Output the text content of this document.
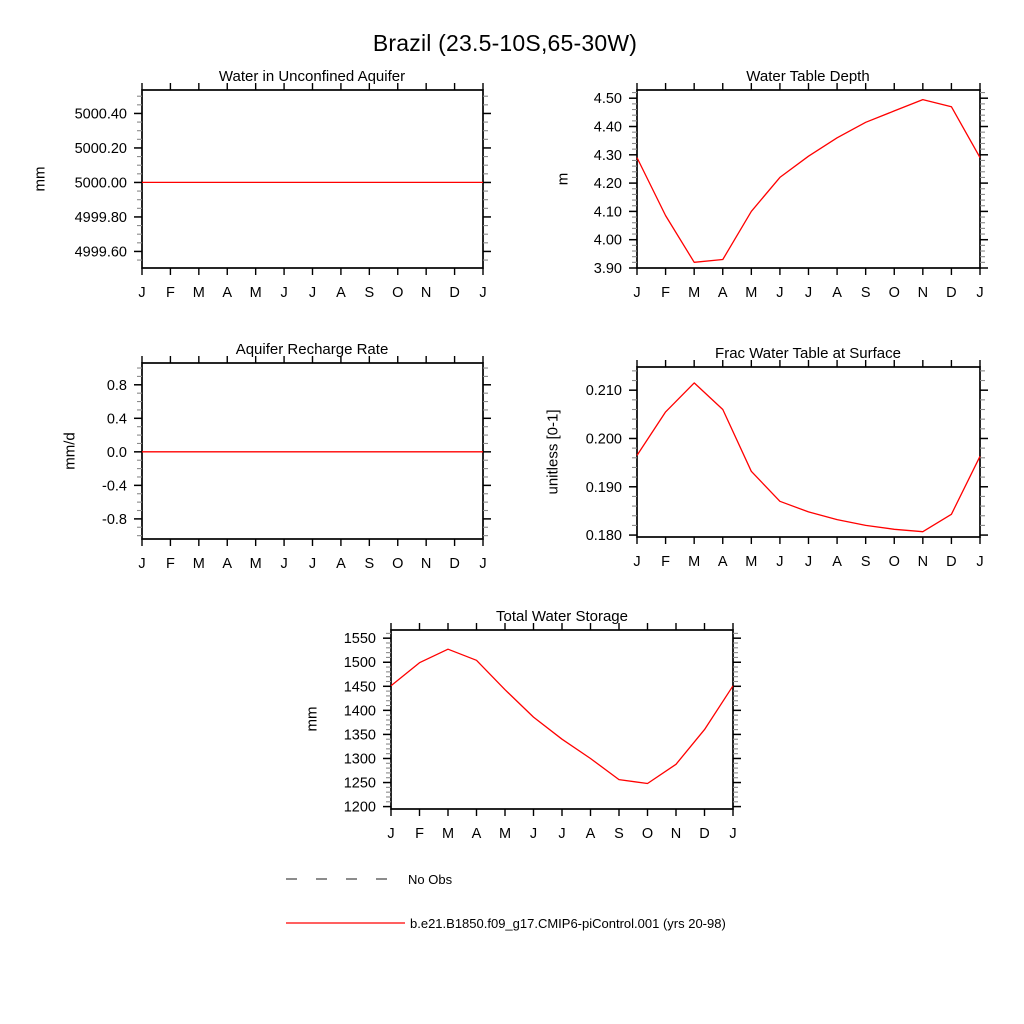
Brazil (23.5-10S,65-30W)
Water in Unconfined Aquifer	Water Table Depth
Aquifer Recharge Rate	Frac Water Table at Surface
Total Water Storage
mm	m
mm/d	unitless [0-1]
mm
J F M A M J J A S O N D J
4999.60
4999.80
5000.00
5000.20
5000.40
J F M A M J J A S O N D J
3.90
4.00
4.10
4.20
4.30
4.40
4.50
J F M A M J J A S O N D J
-0.8
-0.4
0.0
0.4
0.8
J F M A M J J A S O N D J
0.180
0.190
0.200
0.210
J F M A M J J A S O N D J
1200
1250
1300
1350
1400
1450
1500
1550
No Obs
b.e21.B1850.f09_g17.CMIP6-piControl.001 (yrs 20-98)
